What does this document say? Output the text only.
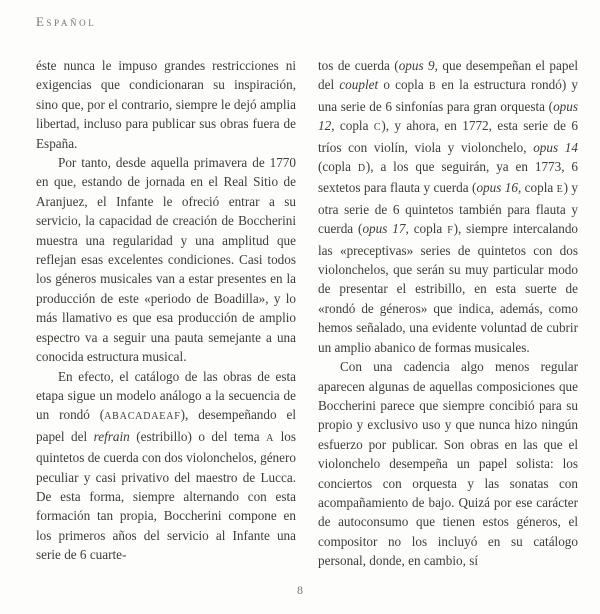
Español

éste nunca le impuso grandes restricciones ni exigencias que condicionaran su inspiración, sino que, por el contrario, siempre le dejó amplia libertad, incluso para publicar sus obras fuera de España.

Por tanto, desde aquella primavera de 1770 en que, estando de jornada en el Real Sitio de Aranjuez, el Infante le ofreció entrar a su servicio, la capacidad de creación de Boccherini muestra una regularidad y una amplitud que reflejan esas excelentes condiciones. Casi todos los géneros musicales van a estar presentes en la producción de este «periodo de Boadilla», y lo más llamativo es que esa producción de amplio espectro va a seguir una pauta semejante a una conocida estructura musical.

En efecto, el catálogo de las obras de esta etapa sigue un modelo análogo a la secuencia de un rondó (ABACADAEAF), desempeñando el papel del refrain (estribillo) o del tema A los quintetos de cuerda con dos violonchelos, género peculiar y casi privativo del maestro de Lucca. De esta forma, siempre alternando con esta formación tan propia, Boccherini compone en los primeros años del servicio al Infante una serie de 6 cuarte-

tos de cuerda (opus 9, que desempeñan el papel del couplet o copla B en la estructura rondó) y una serie de 6 sinfonías para gran orquesta (opus 12, copla C), y ahora, en 1772, esta serie de 6 tríos con violín, viola y violonchelo, opus 14 (copla D), a los que seguirán, ya en 1773, 6 sextetos para flauta y cuerda (opus 16, copla E) y otra serie de 6 quintetos también para flauta y cuerda (opus 17, copla F), siempre intercalando las «preceptivas» series de quintetos con dos violonchelos, que serán su muy particular modo de presentar el estribillo, en esta suerte de «rondó de géneros» que indica, además, como hemos señalado, una evidente voluntad de cubrir un amplio abanico de formas musicales.

Con una cadencia algo menos regular aparecen algunas de aquellas composiciones que Boccherini parece que siempre concibió para su propio y exclusivo uso y que nunca hizo ningún esfuerzo por publicar. Son obras en las que el violonchelo desempeña un papel solista: los conciertos con orquesta y las sonatas con acompañamiento de bajo. Quizá por ese carácter de autoconsumo que tienen estos géneros, el compositor no los incluyó en su catálogo personal, donde, en cambio, sí

8
